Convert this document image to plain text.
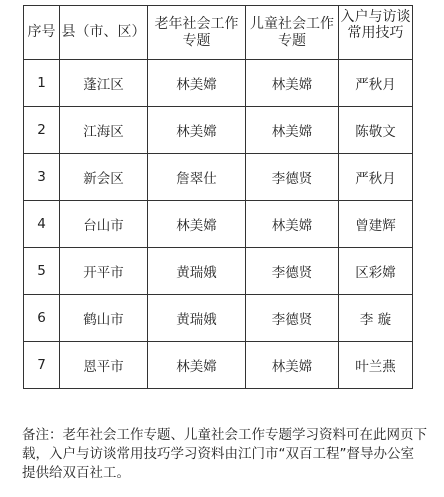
序号	县（市、区）	老年社会工作专题	儿童社会工作专题	入户与访谈常用技巧

1	蓬江区	林美嫦	林美嫦	严秋月
2	江海区	林美嫦	林美嫦	陈敬文
3	新会区	詹翠仕	李德贤	严秋月
4	台山市	林美嫦	林美嫦	曾建辉
5	开平市	黄瑞娥	李德贤	区彩嫦
6	鹤山市	黄瑞娥	李德贤	李 璇
7	恩平市	林美嫦	林美嫦	叶兰燕
备注：老年社会工作专题、儿童社会工作专题学习资料可在此网页下载，入户与访谈常用技巧学习资料由江门市“双百工程”督导办公室提供给双百社工。
